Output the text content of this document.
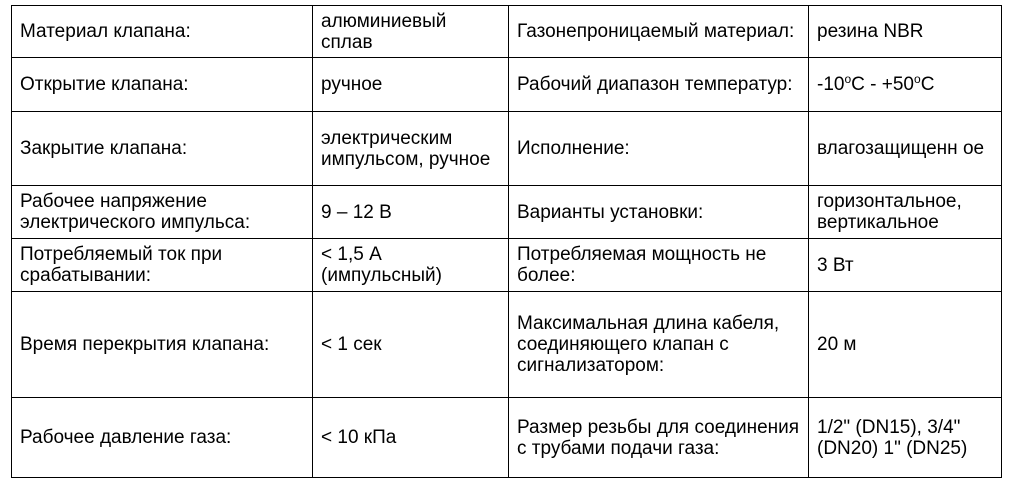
Материал клапана:	алюминиевый сплав	Газонепроницаемый материал:	резина NBR
Открытие клапана:	ручное	Рабочий диапазон температур:	$-10^oC - +50^oC$
Закрытие клапана:	электрическим импульсом, ручное	Исполнение:	влагозащищенн ое
Рабочее напряжение электрического импульса:	9 – 12 В	Варианты установки:	горизонтальное, вертикальное
Потребляемый ток при срабатывании:	< 1,5 А (импульсный)	Потребляемая мощность не более:	3 Вт
Время перекрытия клапана:	< 1 сек	Максимальная длина кабеля, соединяющего клапан с сигнализатором:	20 м
Рабочее давление газа:	< 10 кПа	Размер резьбы для соединения с трубами подачи газа:	1/2" (DN15), 3/4" (DN20) 1" (DN25)
